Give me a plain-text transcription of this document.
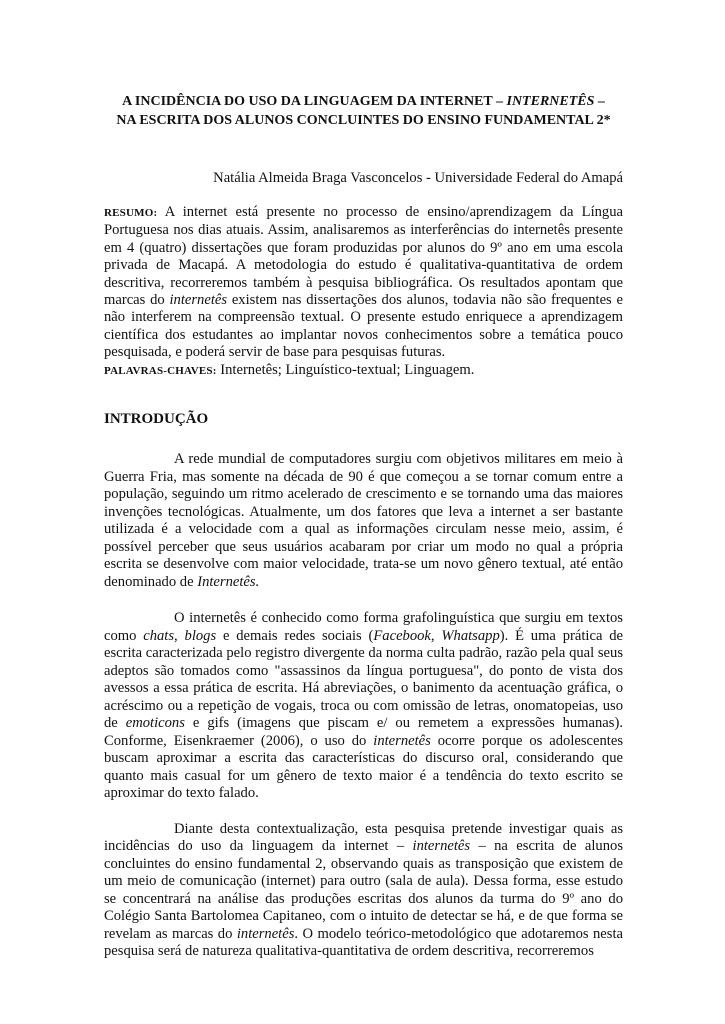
A INCIDÊNCIA DO USO DA LINGUAGEM DA INTERNET – INTERNETÊS –
NA ESCRITA DOS ALUNOS CONCLUINTES DO ENSINO FUNDAMENTAL 2*
Natália Almeida Braga Vasconcelos - Universidade Federal do Amapá

RESUMO: A internet está presente no processo de ensino/aprendizagem da Língua Portuguesa nos dias atuais. Assim, analisaremos as interferências do internetês presente em 4 (quatro) dissertações que foram produzidas por alunos do 9º ano em uma escola privada de Macapá. A metodologia do estudo é qualitativa-quantitativa de ordem descritiva, recorreremos também à pesquisa bibliográfica. Os resultados apontam que marcas do internetês existem nas dissertações dos alunos, todavia não são frequentes e não interferem na compreensão textual. O presente estudo enriquece a aprendizagem científica dos estudantes ao implantar novos conhecimentos sobre a temática pouco pesquisada, e poderá servir de base para pesquisas futuras.

PALAVRAS-CHAVES: Internetês; Linguístico-textual; Linguagem.

INTRODUÇÃO

A rede mundial de computadores surgiu com objetivos militares em meio à Guerra Fria, mas somente na década de 90 é que começou a se tornar comum entre a população, seguindo um ritmo acelerado de crescimento e se tornando uma das maiores invenções tecnológicas. Atualmente, um dos fatores que leva a internet a ser bastante utilizada é a velocidade com a qual as informações circulam nesse meio, assim, é possível perceber que seus usuários acabaram por criar um modo no qual a própria escrita se desenvolve com maior velocidade, trata-se um novo gênero textual, até então denominado de Internetês.

O internetês é conhecido como forma grafolinguística que surgiu em textos como chats, blogs e demais redes sociais (Facebook, Whatsapp). É uma prática de escrita caracterizada pelo registro divergente da norma culta padrão, razão pela qual seus adeptos são tomados como "assassinos da língua portuguesa", do ponto de vista dos avessos a essa prática de escrita. Há abreviações, o banimento da acentuação gráfica, o acréscimo ou a repetição de vogais, troca ou com omissão de letras, onomatopeias, uso de emoticons e gifs (imagens que piscam e/ ou remetem a expressões humanas). Conforme, Eisenkraemer (2006), o uso do internetês ocorre porque os adolescentes buscam aproximar a escrita das características do discurso oral, considerando que quanto mais casual for um gênero de texto maior é a tendência do texto escrito se aproximar do texto falado.

Diante desta contextualização, esta pesquisa pretende investigar quais as incidências do uso da linguagem da internet – internetês – na escrita de alunos concluintes do ensino fundamental 2, observando quais as transposição que existem de um meio de comunicação (internet) para outro (sala de aula). Dessa forma, esse estudo se concentrará na análise das produções escritas dos alunos da turma do 9º ano do Colégio Santa Bartolomea Capitaneo, com o intuito de detectar se há, e de que forma se revelam as marcas do internetês. O modelo teórico-metodológico que adotaremos nesta pesquisa será de natureza qualitativa-quantitativa de ordem descritiva, recorreremos
